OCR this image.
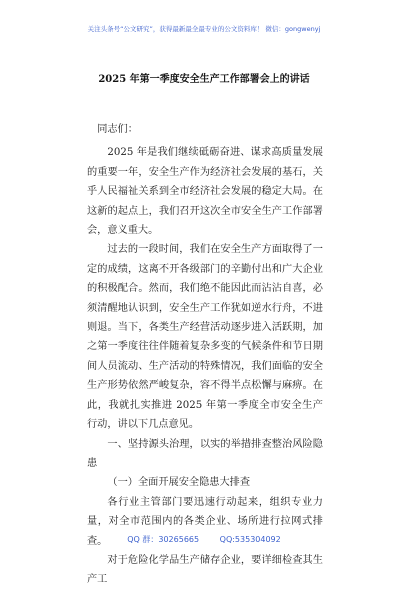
关注头条号“公文研究”，获得最新最全最专业的公文资料库！ 微信：gongwenyj
2025 年第一季度安全生产工作部署会上的讲话

同志们：

2025 年是我们继续砥砺奋进、谋求高质量发展的重要一年，安全生产作为经济社会发展的基石，关乎人民福祉关系到全市经济社会发展的稳定大局。在这新的起点上，我们召开这次全市安全生产工作部署会，意义重大。

过去的一段时间，我们在安全生产方面取得了一定的成绩，这离不开各级部门的辛勤付出和广大企业的积极配合。然而，我们绝不能因此而沾沾自喜，必须清醒地认识到，安全生产工作犹如逆水行舟，不进则退。当下，各类生产经营活动逐步进入活跃期，加之第一季度往往伴随着复杂多变的气候条件和节日期间人员流动、生产活动的特殊情况，我们面临的安全生产形势依然严峻复杂，容不得半点松懈与麻痹。在此，我就扎实推进 2025 年第一季度全市安全生产行动，讲以下几点意见。

一、坚持源头治理，以实的举措排查整治风险隐患

（一）全面开展安全隐患大排查

各行业主管部门要迅速行动起来，组织专业力量，对全市范围内的各类企业、场所进行拉网式排查。

对于危险化学品生产储存企业，要详细检查其生产工

QQ 群：30265665	QQ:535304092
